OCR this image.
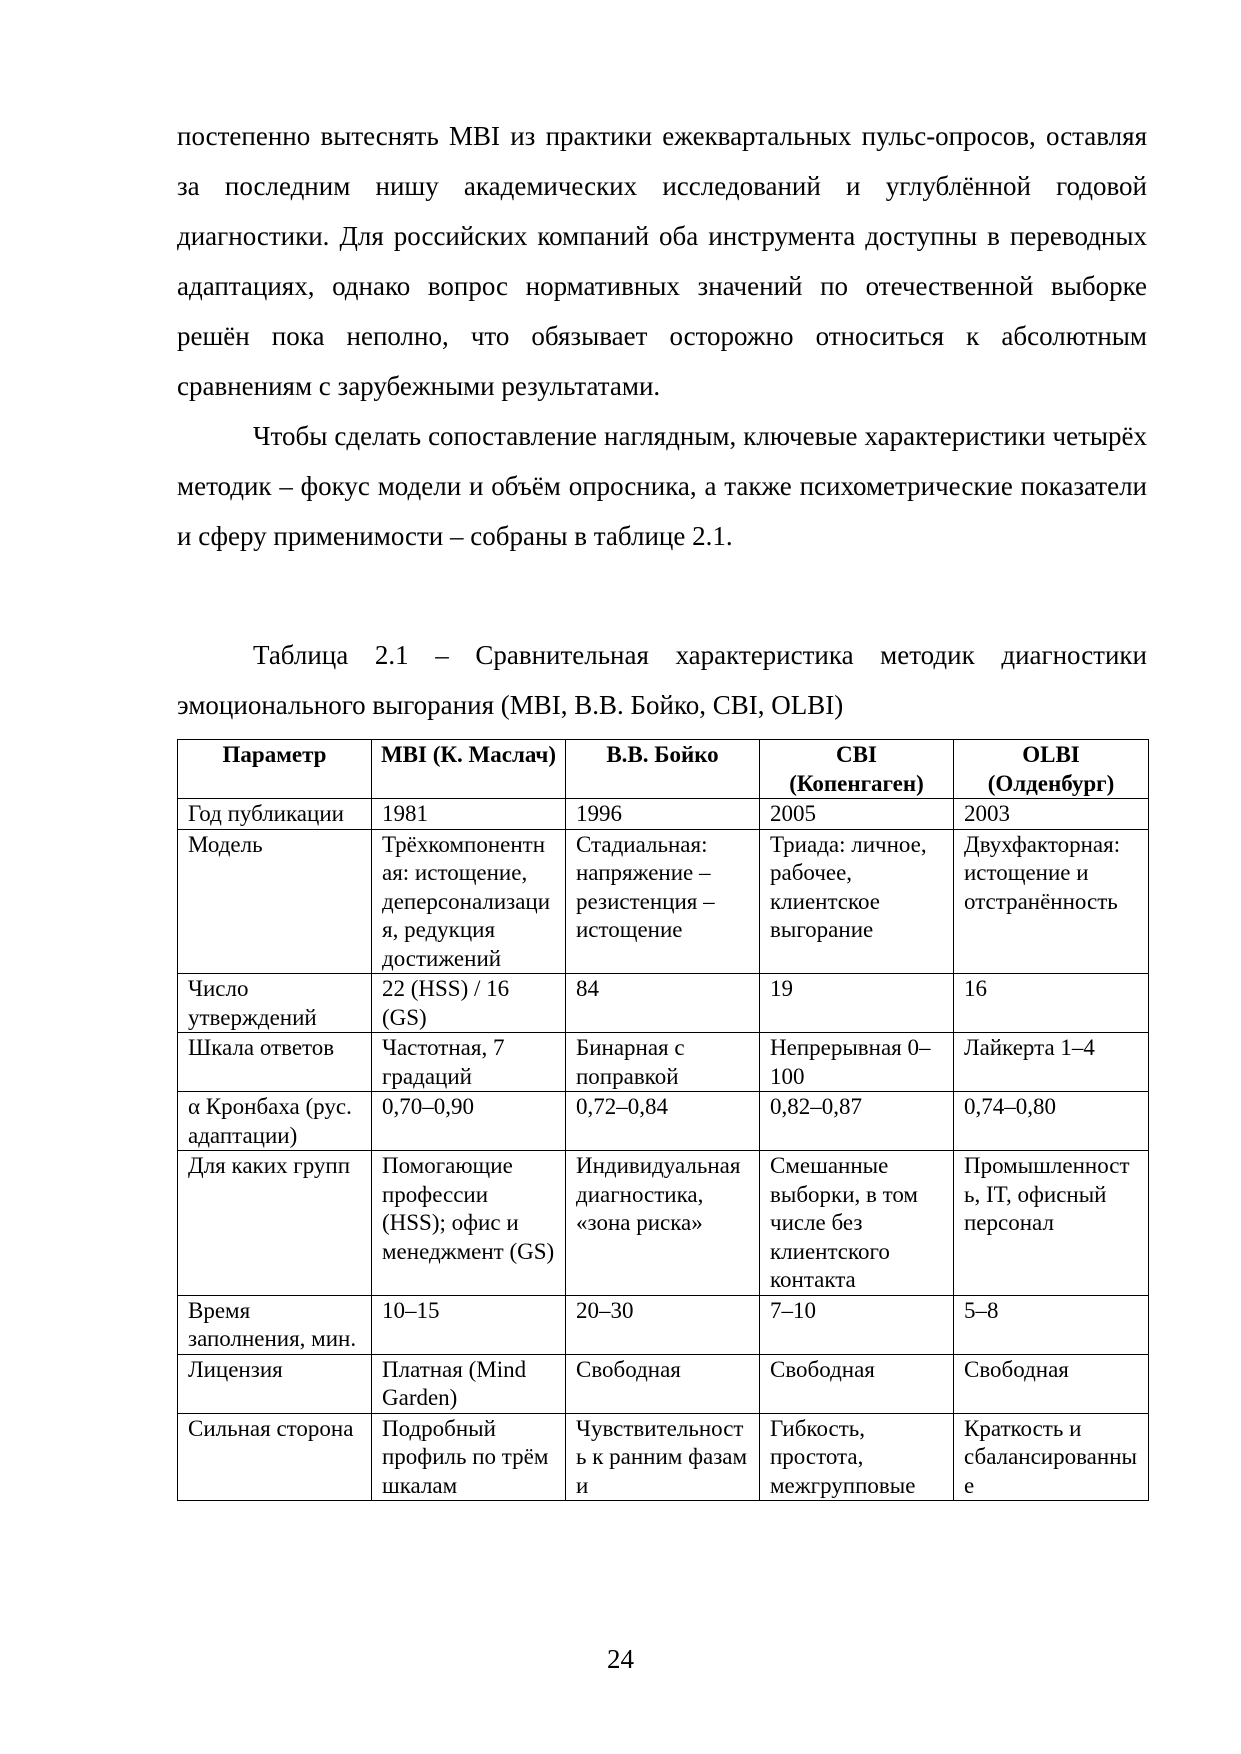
постепенно вытеснять MBI из практики ежеквартальных пульс-опросов, оставляя за последним нишу академических исследований и углублённой годовой диагностики. Для российских компаний оба инструмента доступны в переводных адаптациях, однако вопрос нормативных значений по отечественной выборке решён пока неполно, что обязывает осторожно относиться к абсолютным сравнениям с зарубежными результатами.

Чтобы сделать сопоставление наглядным, ключевые характеристики четырёх методик – фокус модели и объём опросника, а также психометрические показатели и сферу применимости – собраны в таблице 2.1.

Таблица 2.1 – Сравнительная характеристика методик диагностики эмоционального выгорания (MBI, В.В. Бойко, CBI, OLBI)

Параметр	MBI (К. Маслач)	В.В. Бойко	CBI (Копенгаген)	OLBI (Олденбург)
Год публикации	1981	1996	2005	2003
Модель	Трёхкомпонентная: истощение, деперсонализация, редукция достижений	Стадиальная: напряжение – резистенция – истощение	Триада: личное, рабочее, клиентское выгорание	Двухфакторная: истощение и отстранённость
Число утверждений	22 (HSS) / 16 (GS)	84	19	16
Шкала ответов	Частотная, 7 градаций	Бинарная с поправкой	Непрерывная 0–100	Лайкерта 1–4
α Кронбаха (рус. адаптации)	0,70–0,90	0,72–0,84	0,82–0,87	0,74–0,80
Для каких групп	Помогающие профессии (HSS); офис и менеджмент (GS)	Индивидуальная диагностика, «зона риска»	Смешанные выборки, в том числе без клиентского контакта	Промышленность, IT, офисный персонал
Время заполнения, мин.	10–15	20–30	7–10	5–8
Лицензия	Платная (Mind Garden)	Свободная	Свободная	Свободная
Сильная сторона	Подробный профиль по трём шкалам	Чувствительность к ранним фазам и	Гибкость, простота, межгрупповые	Краткость и сбалансированные
24
